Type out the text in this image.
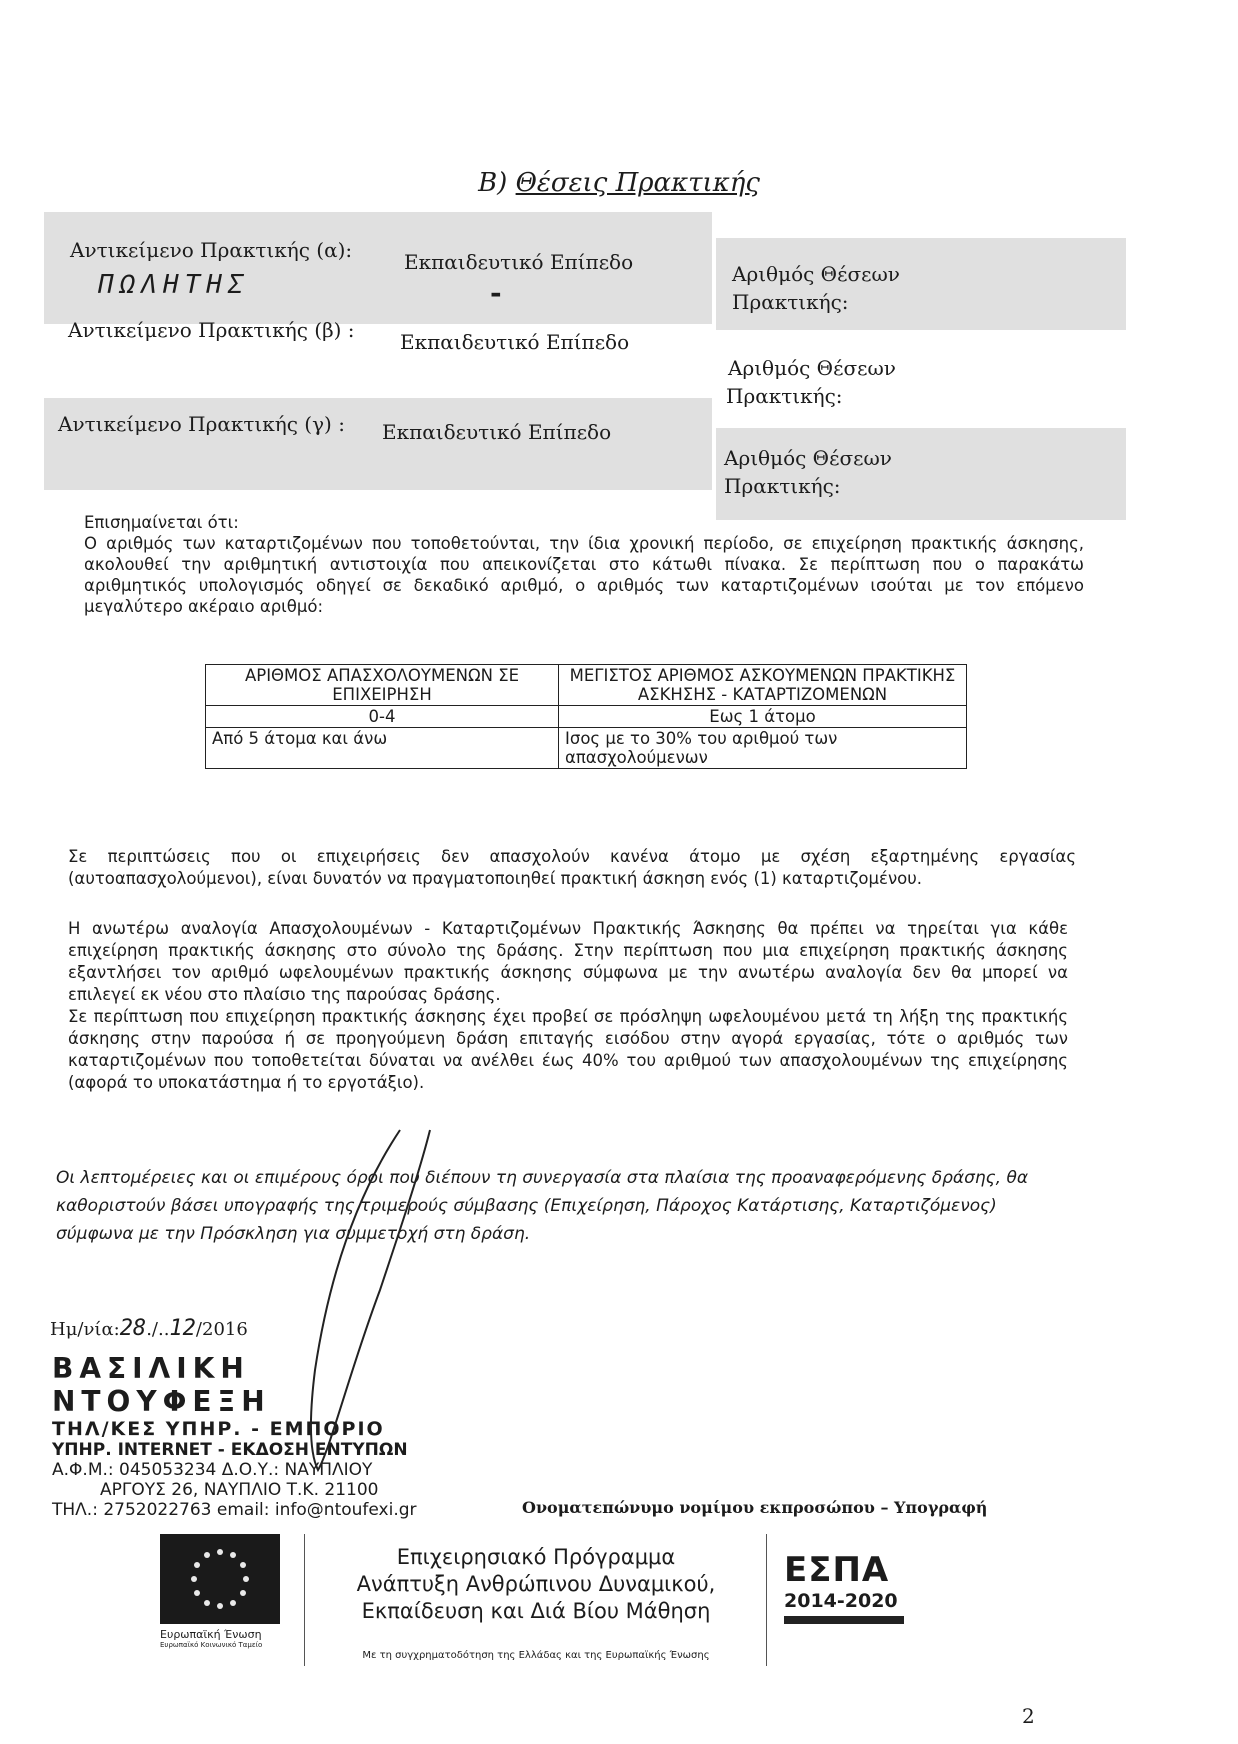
Β) Θέσεις Πρακτικής
Αντικείμενο Πρακτικής (α):
ΠΩΛΗΤΗΣ
Εκπαιδευτικό Επίπεδο
-
Αριθμός Θέσεων
Πρακτικής:
Αντικείμενο Πρακτικής (β) : Εκπαιδευτικό Επίπεδο
Αριθμός Θέσεων
Πρακτικής:
Αντικείμενο Πρακτικής (γ) : Εκπαιδευτικό Επίπεδο
Αριθμός Θέσεων
Πρακτικής:

Επισημαίνεται ότι:

Ο αριθμός των καταρτιζομένων που τοποθετούνται, την ίδια χρονική περίοδο, σε επιχείρηση πρακτικής άσκησης, ακολουθεί την αριθμητική αντιστοιχία που απεικονίζεται στο κάτωθι πίνακα. Σε περίπτωση που ο παρακάτω αριθμητικός υπολογισμός οδηγεί σε δεκαδικό αριθμό, ο αριθμός των καταρτιζομένων ισούται με τον επόμενο μεγαλύτερο ακέραιο αριθμό:

ΑΡΙΘΜΟΣ ΑΠΑΣΧΟΛΟΥΜΕΝΩΝ ΣΕ ΕΠΙΧΕΙΡΗΣΗ	ΜΕΓΙΣΤΟΣ ΑΡΙΘΜΟΣ ΑΣΚΟΥΜΕΝΩΝ ΠΡΑΚΤΙΚΗΣ ΑΣΚΗΣΗΣ - ΚΑΤΑΡΤΙΖΟΜΕΝΩΝ
0-4	Εως 1 άτομο
Από 5 άτομα και άνω	Ισος με το 30% του αριθμού των απασχολούμενων

Σε περιπτώσεις που οι επιχειρήσεις δεν απασχολούν κανένα άτομο με σχέση εξαρτημένης εργασίας (αυτοαπασχολούμενοι), είναι δυνατόν να πραγματοποιηθεί πρακτική άσκηση ενός (1) καταρτιζομένου.

Η ανωτέρω αναλογία Απασχολουμένων - Καταρτιζομένων Πρακτικής Άσκησης θα πρέπει να τηρείται για κάθε επιχείρηση πρακτικής άσκησης στο σύνολο της δράσης. Στην περίπτωση που μια επιχείρηση πρακτικής άσκησης εξαντλήσει τον αριθμό ωφελουμένων πρακτικής άσκησης σύμφωνα με την ανωτέρω αναλογία δεν θα μπορεί να επιλεγεί εκ νέου στο πλαίσιο της παρούσας δράσης.

Σε περίπτωση που επιχείρηση πρακτικής άσκησης έχει προβεί σε πρόσληψη ωφελουμένου μετά τη λήξη της πρακτικής άσκησης στην παρούσα ή σε προηγούμενη δράση επιταγής εισόδου στην αγορά εργασίας, τότε ο αριθμός των καταρτιζομένων που τοποθετείται δύναται να ανέλθει έως 40% του αριθμού των απασχολουμένων της επιχείρησης (αφορά το υποκατάστημα ή το εργοτάξιο).

Οι λεπτομέρειες και οι επιμέρους όροι που διέπουν τη συνεργασία στα πλαίσια της προαναφερόμενης δράσης, θα καθοριστούν βάσει υπογραφής της τριμερούς σύμβασης (Επιχείρηση, Πάροχος Κατάρτισης, Καταρτιζόμενος) σύμφωνα με την Πρόσκληση για συμμετοχή στη δράση.
Ημ/νία:28./..12/2016
ΒΑΣΙΛΙΚΗ ΝΤΟΥΦΕΞΗ
ΤΗΛ/ΚΕΣ ΥΠΗΡ. - ΕΜΠΟΡΙΟ
ΥΠΗΡ. INTERNET - ΕΚΔΟΣΗ ΕΝΤΥΠΩΝ
Α.Φ.Μ.: 045053234 Δ.Ο.Υ.: ΝΑΥΠΛΙΟΥ
ΑΡΓΟΥΣ 26, ΝΑΥΠΛΙΟ Τ.Κ. 21100
ΤΗΛ.: 2752022763 email: info@ntoufexi.gr	Ονοματεπώνυμο νομίμου εκπροσώπου – Υπογραφή
Ευρωπαϊκή Ένωση
Ευρωπαϊκό Κοινωνικό Ταμείο
Επιχειρησιακό Πρόγραμμα
Ανάπτυξη Ανθρώπινου Δυναμικού,
Εκπαίδευση και Διά Βίου Μάθηση
Με τη συγχρηματοδότηση της Ελλάδας και της Ευρωπαϊκής Ένωσης
ΕΣΠΑ
2014-2020
2
